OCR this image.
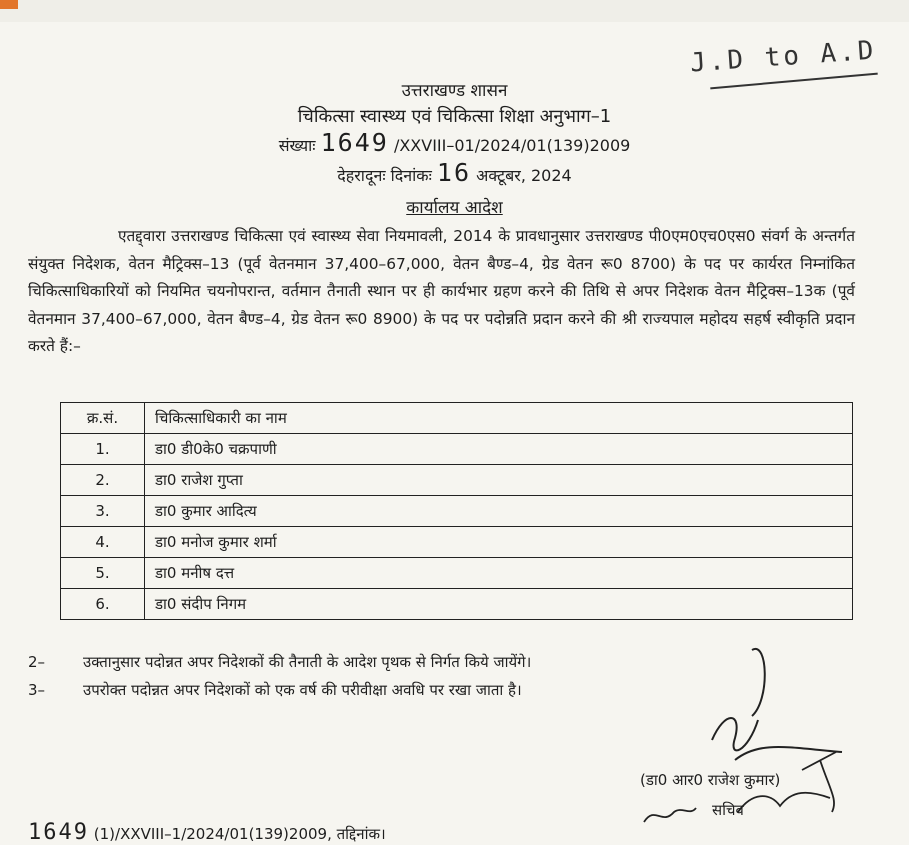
J.D to A.D
उत्तराखण्ड शासन
चिकित्सा स्वास्थ्य एवं चिकित्सा शिक्षा अनुभाग–1
संख्याः 1649 /XXVIII–01/2024/01(139)2009
देहरादूनः दिनांकः 16 अक्टूबर, 2024
कार्यालय आदेश

एतद्द्वारा उत्तराखण्ड चिकित्सा एवं स्वास्थ्य सेवा नियमावली, 2014 के प्रावधानुसार उत्तराखण्ड पी0एम0एच0एस0 संवर्ग के अन्तर्गत संयुक्त निदेशक, वेतन मैट्रिक्स–13 (पूर्व वेतनमान 37,400–67,000, वेतन बैण्ड–4, ग्रेड वेतन रू0 8700) के पद पर कार्यरत निम्नांकित चिकित्साधिकारियों को नियमित चयनोपरान्त, वर्तमान तैनाती स्थान पर ही कार्यभार ग्रहण करने की तिथि से अपर निदेशक वेतन मैट्रिक्स–13क (पूर्व वेतनमान 37,400–67,000, वेतन बैण्ड–4, ग्रेड वेतन रू0 8900) के पद पर पदोन्नति प्रदान करने की श्री राज्यपाल महोदय सहर्ष स्वीकृति प्रदान करते हैं:–

क्र.सं.	चिकित्साधिकारी का नाम
1.	डा0 डी0के0 चक्रपाणी
2.	डा0 राजेश गुप्ता
3.	डा0 कुमार आदित्य
4.	डा0 मनोज कुमार शर्मा
5.	डा0 मनीष दत्त
6.	डा0 संदीप निगम
2–	उक्तानुसार पदोन्नत अपर निदेशकों की तैनाती के आदेश पृथक से निर्गत किये जायेंगे।
3–	उपरोक्त पदोन्नत अपर निदेशकों को एक वर्ष की परीवीक्षा अवधि पर रखा जाता है।
(डा0 आर0 राजेश कुमार)
सचिव
1649 (1)/XXVIII–1/2024/01(139)2009, तद्दिनांक।
